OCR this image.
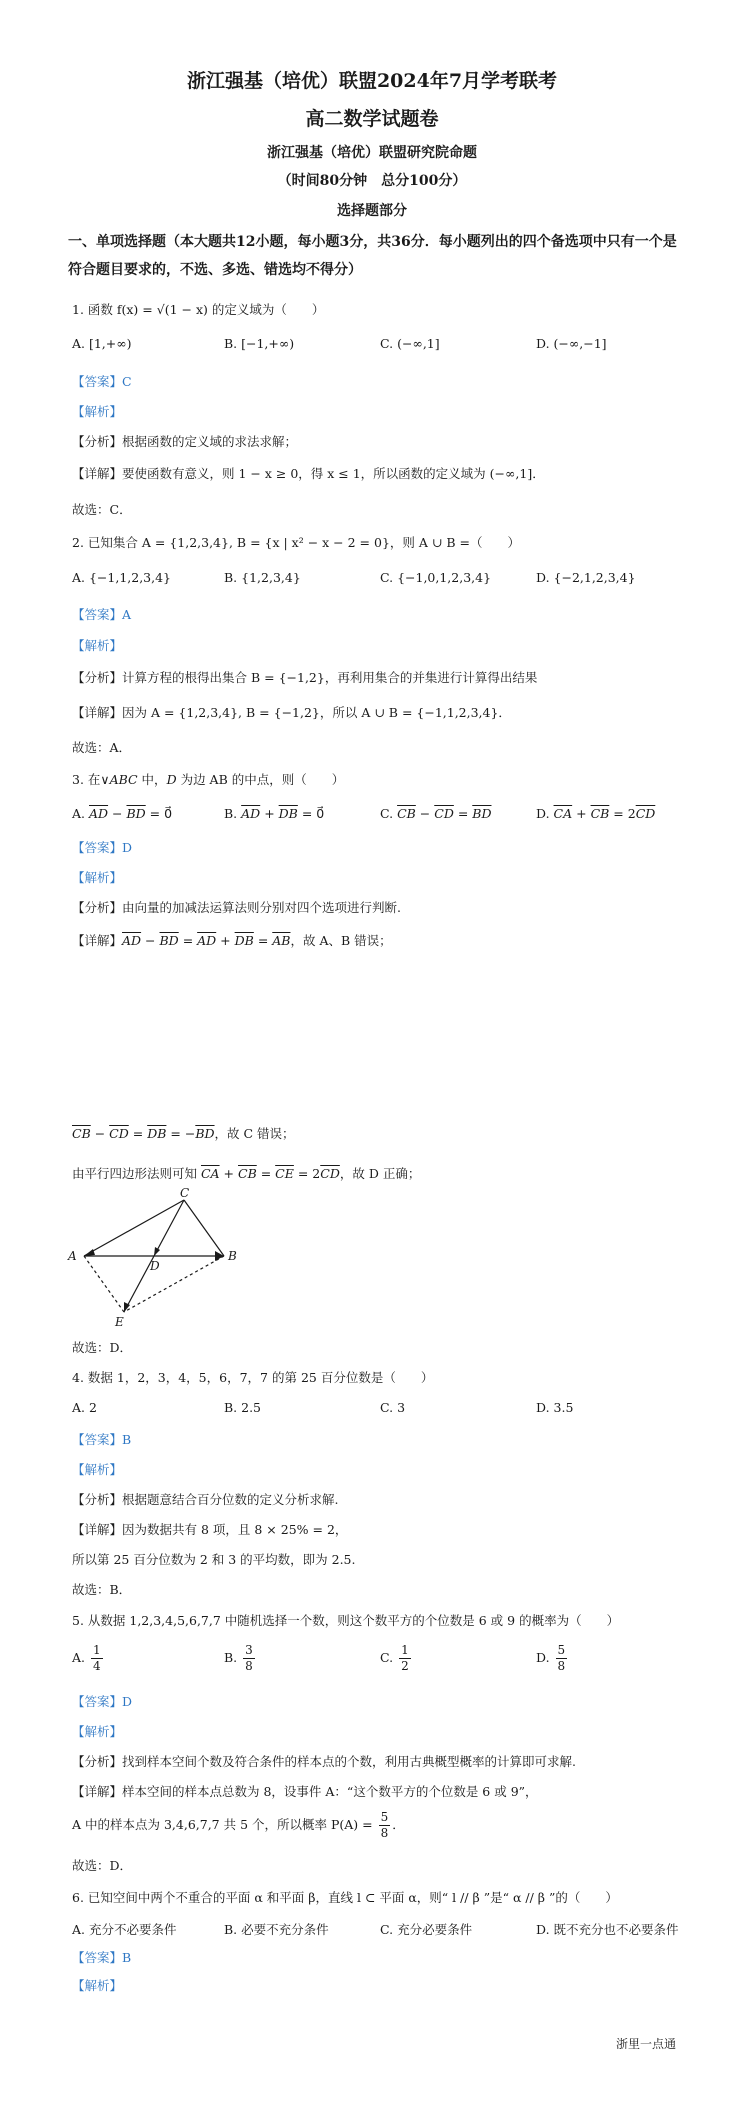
浙江强基（培优）联盟2024年7月学考联考
高二数学试题卷
浙江强基（培优）联盟研究院命题
（时间80分钟　总分100分）
选择题部分
一、单项选择题（本大题共12小题，每小题3分，共36分．每小题列出的四个备选项中只有一个是符合题目要求的，不选、多选、错选均不得分）
1. 函数 f(x) = √(1 − x) 的定义域为（　　）
A. [1,+∞)	B. [−1,+∞)	C. (−∞,1]	D. (−∞,−1]
【答案】C
【解析】
【分析】根据函数的定义域的求法求解；
【详解】要使函数有意义，则 1 − x ≥ 0，得 x ≤ 1，所以函数的定义域为 (−∞,1]．
故选：C．
2. 已知集合 A = {1,2,3,4}, B = {x | x² − x − 2 = 0}，则 A ∪ B =（　　）
A. {−1,1,2,3,4}	B. {1,2,3,4}	C. {−1,0,1,2,3,4}	D. {−2,1,2,3,4}
【答案】A
【解析】
【分析】计算方程的根得出集合 B = {−1,2}，再利用集合的并集进行计算得出结果
【详解】因为 A = {1,2,3,4}, B = {−1,2}，所以 A ∪ B = {−1,1,2,3,4}．
故选：A．
3. 在∨ABC 中，D 为边 AB 的中点，则（　　）
A. $\overline{AD} - \overline{BD}$ = 0⃗	B. $\overline{AD} + \overline{DB}$ = 0⃗	C. $\overline{CB} - \overline{CD} = \overline{BD}$	D. $\overline{CA} + \overline{CB} = 2\overline{CD}$
【答案】D
【解析】
【分析】由向量的加减法运算法则分别对四个选项进行判断.
【详解】$\overline{AD} - \overline{BD} = \overline{AD} + \overline{DB} = \overline{AB}$，故 A、B 错误；
$\overline{CB} - \overline{CD} = \overline{DB} = -\overline{BD}$，故 C 错误；
由平行四边形法则可知 $\overline{CA} + \overline{CB} = \overline{CE} = 2\overline{CD}$，故 D 正确；
C
A
D
B
E
故选：D．
4. 数据 1，2，3，4，5，6，7，7 的第 25 百分位数是（　　）
A. 2	B. 2.5	C. 3	D. 3.5
【答案】B
【解析】
【分析】根据题意结合百分位数的定义分析求解.
【详解】因为数据共有 8 项，且 8 × 25% = 2，
所以第 25 百分位数为 2 和 3 的平均数，即为 2.5.
故选：B．
5. 从数据 1,2,3,4,5,6,7,7 中随机选择一个数，则这个数平方的个位数是 6 或 9 的概率为（　　）
A. $\frac{1}{4}$	B. $\frac{3}{8}$	C. $\frac{1}{2}$	D. $\frac{5}{8}$
【答案】D
【解析】
【分析】找到样本空间个数及符合条件的样本点的个数，利用古典概型概率的计算即可求解.
【详解】样本空间的样本点总数为 8，设事件 A：“这个数平方的个位数是 6 或 9”，
A 中的样本点为 3,4,6,7,7 共 5 个，所以概率 $P(A) = \frac{5}{8}$ ．
故选：D．
6. 已知空间中两个不重合的平面 α 和平面 β，直线 l ⊂ 平面 α，则“ l // β ”是“ α // β ”的（　　）
A. 充分不必要条件	B. 必要不充分条件	C. 充分必要条件	D. 既不充分也不必要条件
【答案】B
【解析】
浙里一点通
